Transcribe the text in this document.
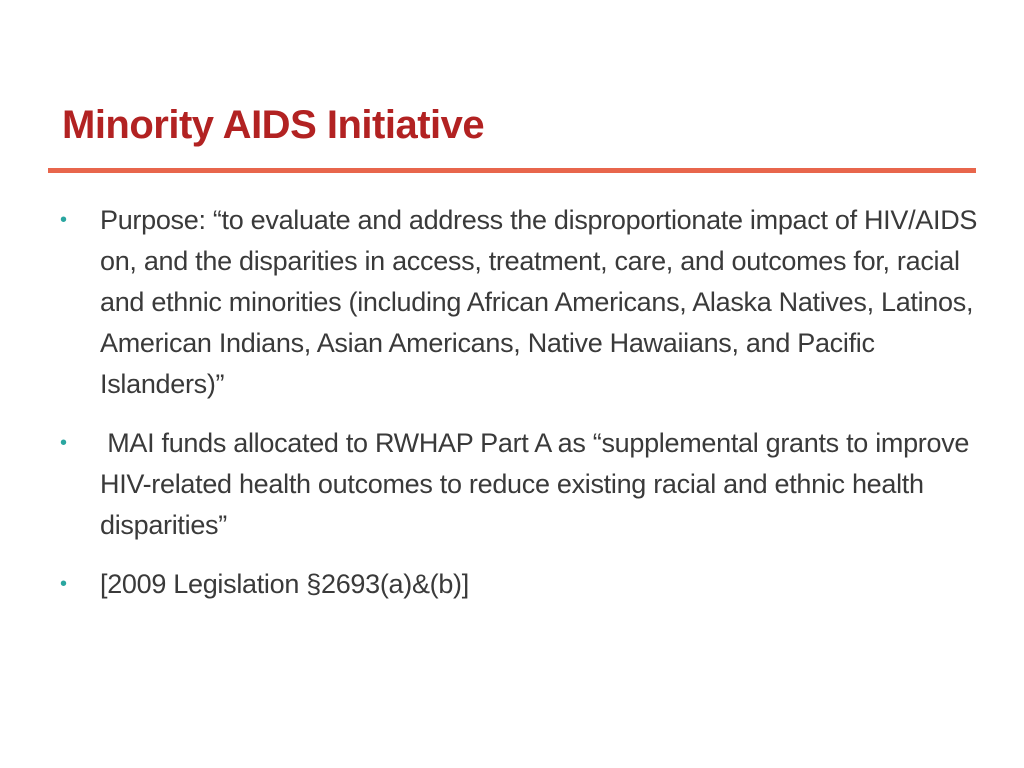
Minority AIDS Initiative
• Purpose: “to evaluate and address the disproportionate impact of HIV/AIDS on, and the disparities in access, treatment, care, and outcomes for, racial and ethnic minorities (including African Americans, Alaska Natives, Latinos, American Indians, Asian Americans, Native Hawaiians, and Pacific Islanders)”
• MAI funds allocated to RWHAP Part A as “supplemental grants to improve HIV-related health outcomes to reduce existing racial and ethnic health disparities”
• [2009 Legislation §2693(a)&(b)]
